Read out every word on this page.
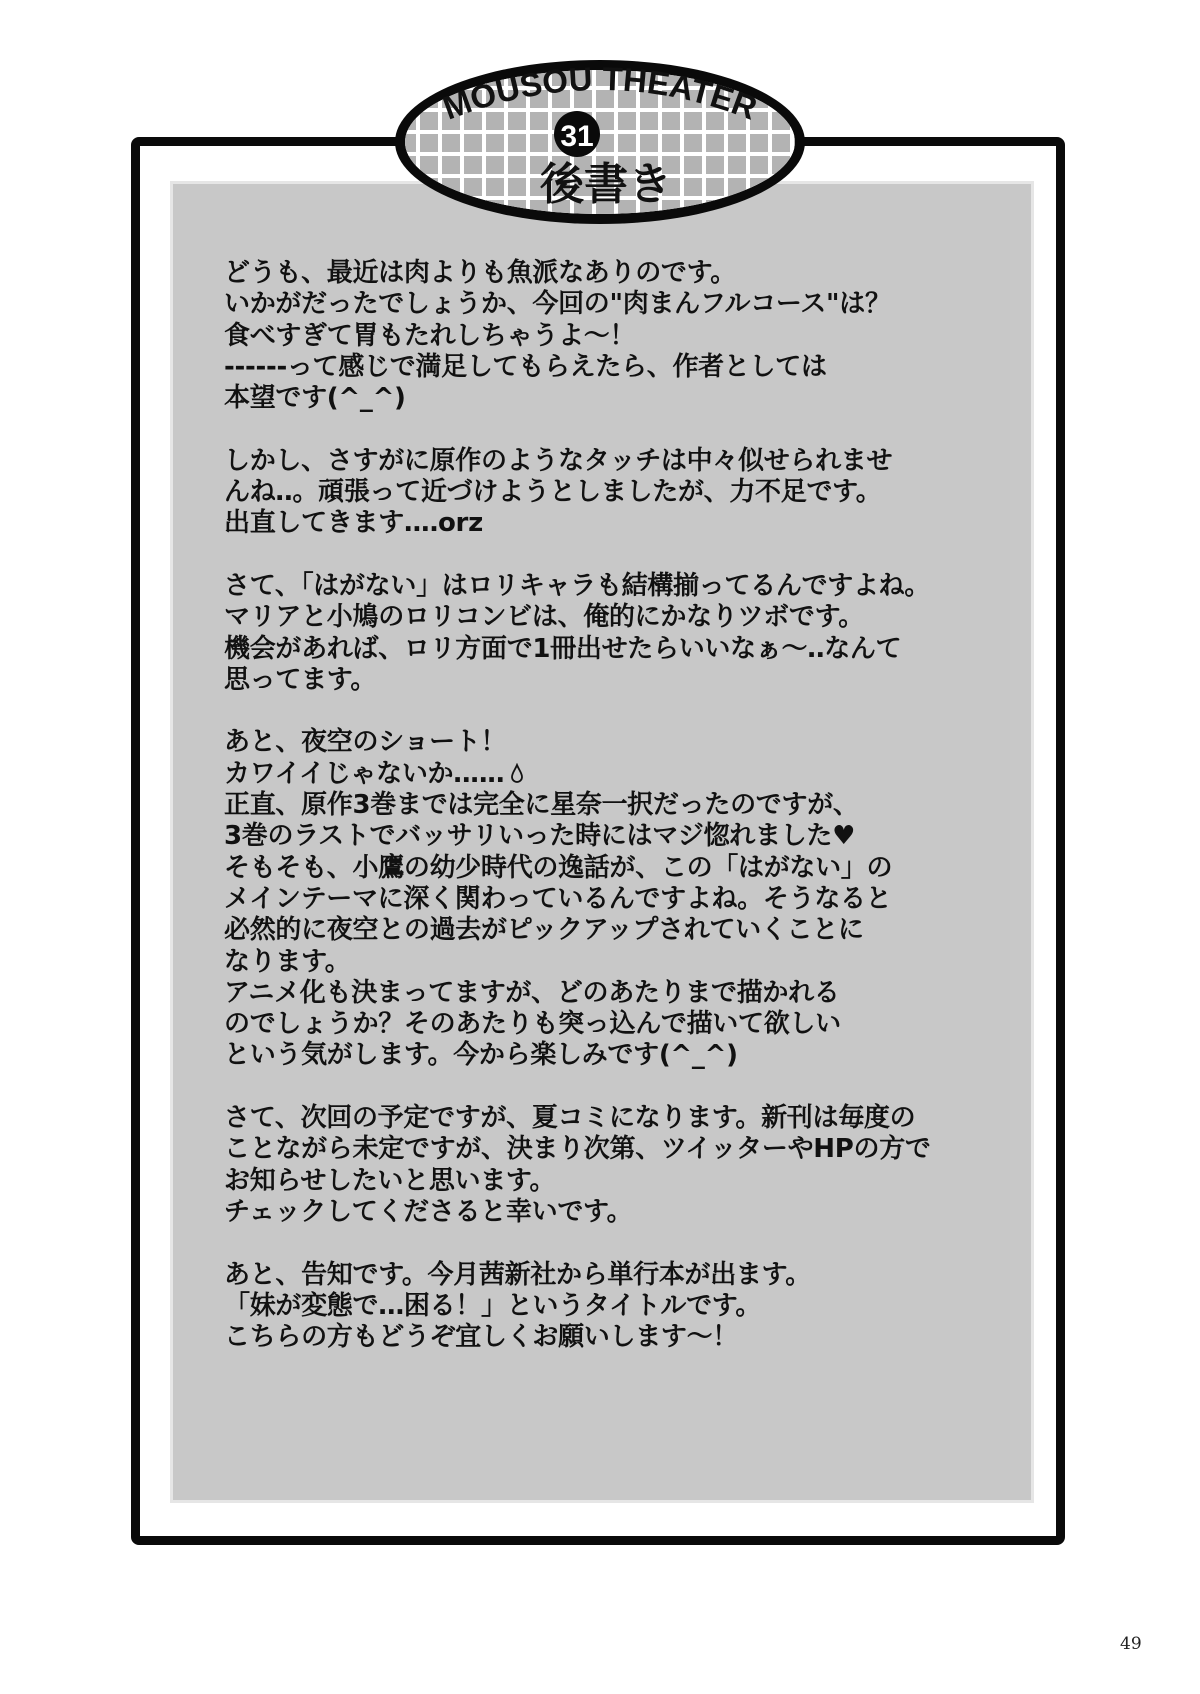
MOUSOU THEATER
31
後書き
どうも、最近は肉よりも魚派なありのです。
いかがだったでしょうか、今回の"肉まんフルコース"は？
食べすぎて胃もたれしちゃうよ～！
------って感じで満足してもらえたら、作者としては
本望です(^_^)
しかし、さすがに原作のようなタッチは中々似せられませ
んね‥。頑張って近づけようとしましたが、力不足です。
出直してきます‥‥orz
さて、「はがない」はロリキャラも結構揃ってるんですよね。
マリアと小鳩のロリコンビは、俺的にかなりツボです。
機会があれば、ロリ方面で1冊出せたらいいなぁ～‥なんて
思ってます。
あと、夜空のショート！
カワイイじゃないか‥‥‥
正直、原作3巻までは完全に星奈一択だったのですが、
3巻のラストでバッサリいった時にはマジ惚れました♥
そもそも、小鷹の幼少時代の逸話が、この「はがない」の
メインテーマに深く関わっているんですよね。そうなると
必然的に夜空との過去がピックアップされていくことに
なります。
アニメ化も決まってますが、どのあたりまで描かれる
のでしょうか？そのあたりも突っ込んで描いて欲しい
という気がします。今から楽しみです(^_^)
さて、次回の予定ですが、夏コミになります。新刊は毎度の
ことながら未定ですが、決まり次第、ツイッターやHPの方で
お知らせしたいと思います。
チェックしてくださると幸いです。
あと、告知です。今月茜新社から単行本が出ます。
「妹が変態で…困る！」というタイトルです。
こちらの方もどうぞ宜しくお願いします～！
49
